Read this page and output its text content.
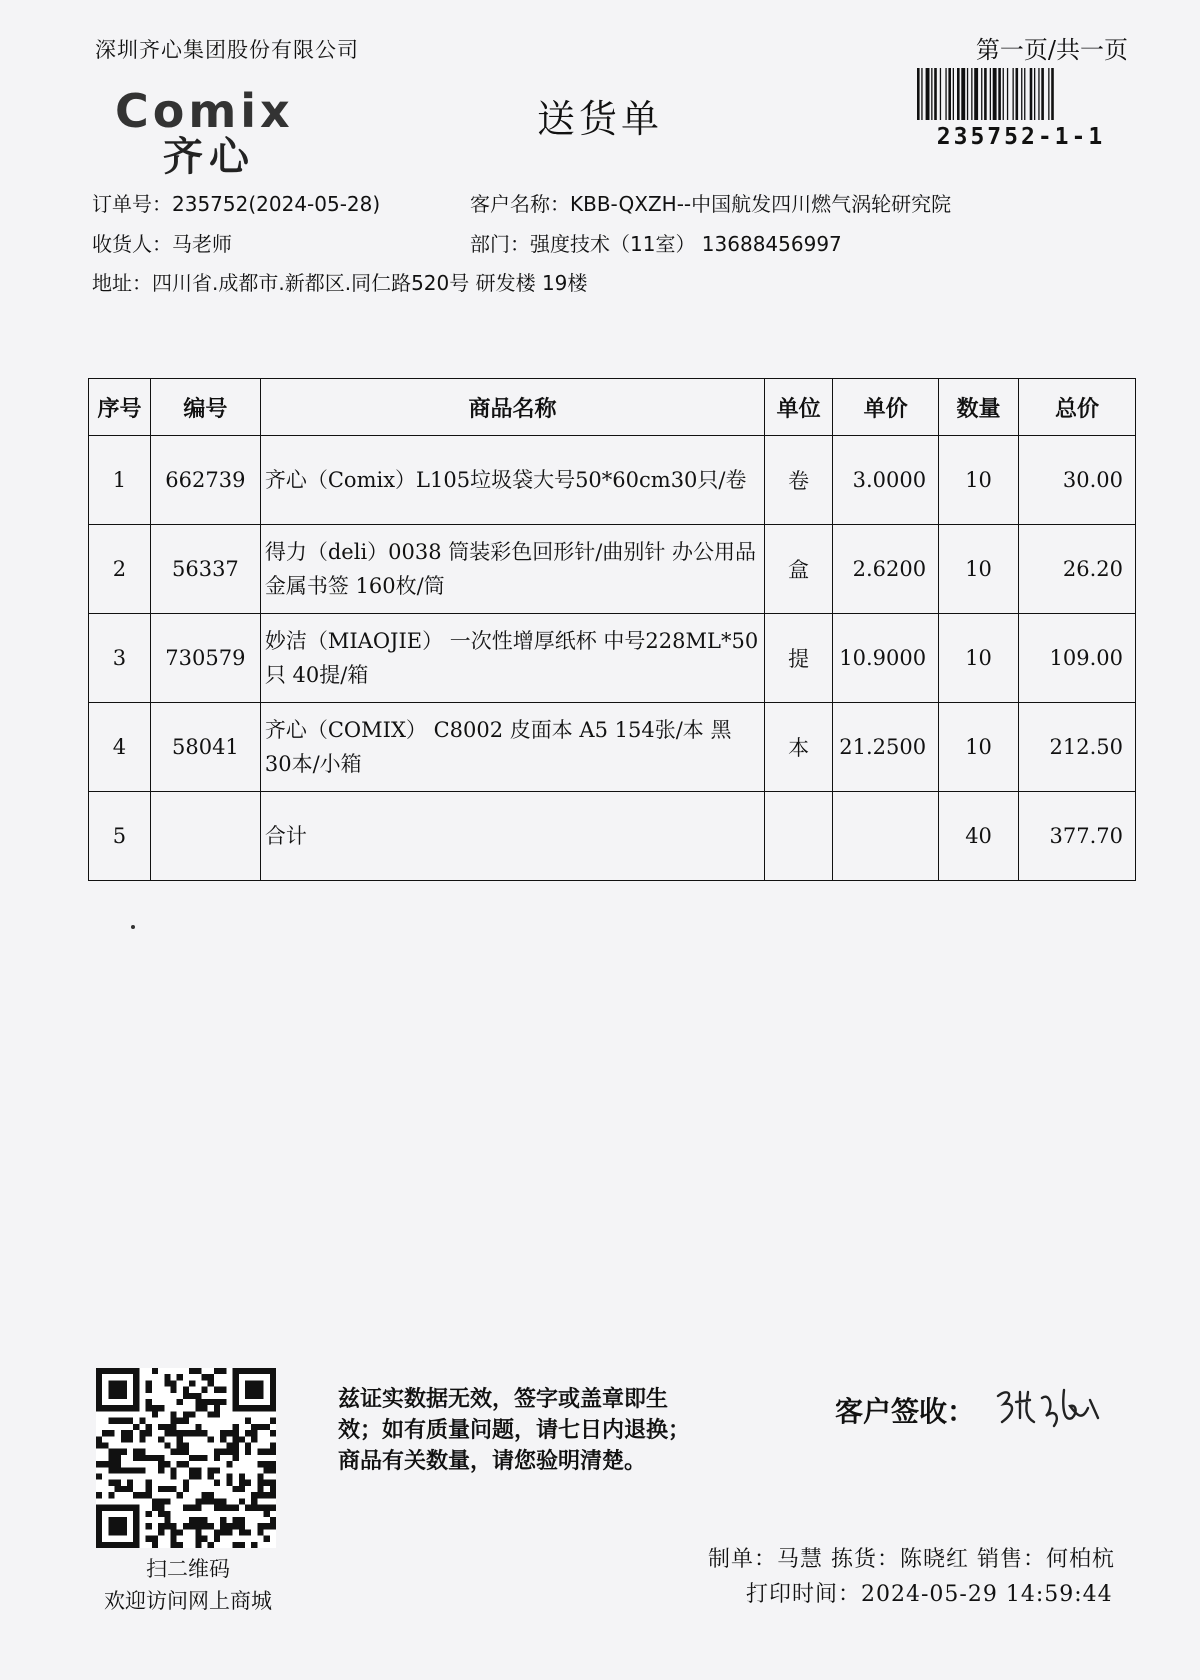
深圳齐心集团股份有限公司	第一页/共一页
235752-1-1
Comix
齐心
送货单
订单号：235752(2024-05-28)
收货人：马老师
地址：四川省.成都市.新都区.同仁路520号 研发楼 19楼
客户名称：KBB-QXZH--中国航发四川燃气涡轮研究院
部门：强度技术（11室） 13688456997
序号	编号	商品名称	单位	单价	数量	总价
1	662739	齐心（Comix）L105垃圾袋大号50*60cm30只/卷	卷	3.0000	10	30.00
2	56337	得力（deli）0038 筒装彩色回形针/曲别针 办公用品 金属书签 160枚/筒	盒	2.6200	10	26.20
3	730579	妙洁（MIAOJIE） 一次性增厚纸杯 中号228ML*50只 40提/箱	提	10.9000	10	109.00
4	58041	齐心（COMIX） C8002 皮面本 A5 154张/本 黑 30本/小箱	本	21.2500	10	212.50
5		合计			40	377.70
扫二维码
欢迎访问网上商城
兹证实数据无效，签字或盖章即生
效；如有质量问题，请七日内退换；
商品有关数量，请您验明清楚。
客户签收：
制单：马慧 拣货：陈晓红 销售：何柏杭
打印时间：2024-05-29 14:59:44
